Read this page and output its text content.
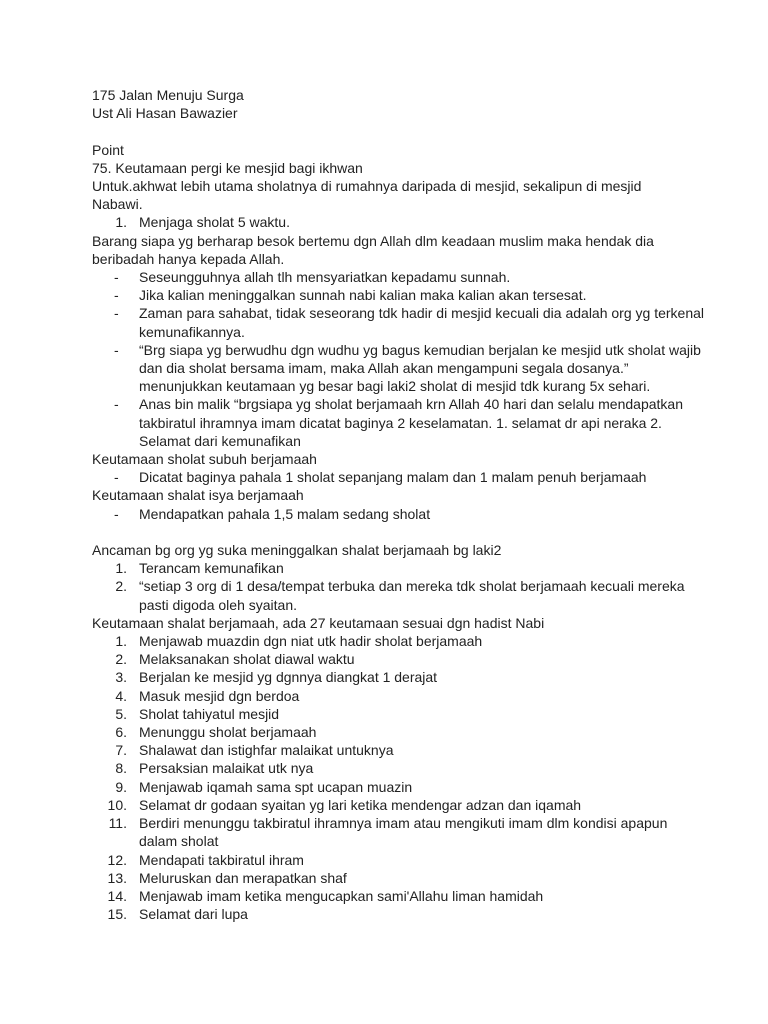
175 Jalan Menuju Surga
Ust Ali Hasan Bawazier
Point
75. Keutamaan pergi ke mesjid bagi ikhwan
Untuk.akhwat lebih utama sholatnya di rumahnya daripada di mesjid, sekalipun di mesjid Nabawi.
1. Menjaga sholat 5 waktu.
Barang siapa yg berharap besok bertemu dgn Allah dlm keadaan muslim maka hendak dia beribadah hanya kepada Allah.
- Seseungguhnya allah tlh mensyariatkan kepadamu sunnah.
- Jika kalian meninggalkan sunnah nabi kalian maka kalian akan tersesat.
- Zaman para sahabat, tidak seseorang tdk hadir di mesjid kecuali dia adalah org yg terkenal kemunafikannya.
- “Brg siapa yg berwudhu dgn wudhu yg bagus kemudian berjalan ke mesjid utk sholat wajib dan dia sholat bersama imam, maka Allah akan mengampuni segala dosanya.” menunjukkan keutamaan yg besar bagi laki2 sholat di mesjid tdk kurang 5x sehari.
- Anas bin malik “brgsiapa yg sholat berjamaah krn Allah 40 hari dan selalu mendapatkan takbiratul ihramnya imam dicatat baginya 2 keselamatan. 1. selamat dr api neraka 2. Selamat dari kemunafikan
Keutamaan sholat subuh berjamaah
- Dicatat baginya pahala 1 sholat sepanjang malam dan 1 malam penuh berjamaah
Keutamaan shalat isya berjamaah
- Mendapatkan pahala 1,5 malam sedang sholat
Ancaman bg org yg suka meninggalkan shalat berjamaah bg laki2
1. Terancam kemunafikan
2. “setiap 3 org di 1 desa/tempat terbuka dan mereka tdk sholat berjamaah kecuali mereka pasti digoda oleh syaitan.
Keutamaan shalat berjamaah, ada 27 keutamaan sesuai dgn hadist Nabi
1. Menjawab muazdin dgn niat utk hadir sholat berjamaah
2. Melaksanakan sholat diawal waktu
3. Berjalan ke mesjid yg dgnnya diangkat 1 derajat
4. Masuk mesjid dgn berdoa
5. Sholat tahiyatul mesjid
6. Menunggu sholat berjamaah
7. Shalawat dan istighfar malaikat untuknya
8. Persaksian malaikat utk nya
9. Menjawab iqamah sama spt ucapan muazin
10. Selamat dr godaan syaitan yg lari ketika mendengar adzan dan iqamah
11. Berdiri menunggu takbiratul ihramnya imam atau mengikuti imam dlm kondisi apapun dalam sholat
12. Mendapati takbiratul ihram
13. Meluruskan dan merapatkan shaf
14. Menjawab imam ketika mengucapkan sami'Allahu liman hamidah
15. Selamat dari lupa
